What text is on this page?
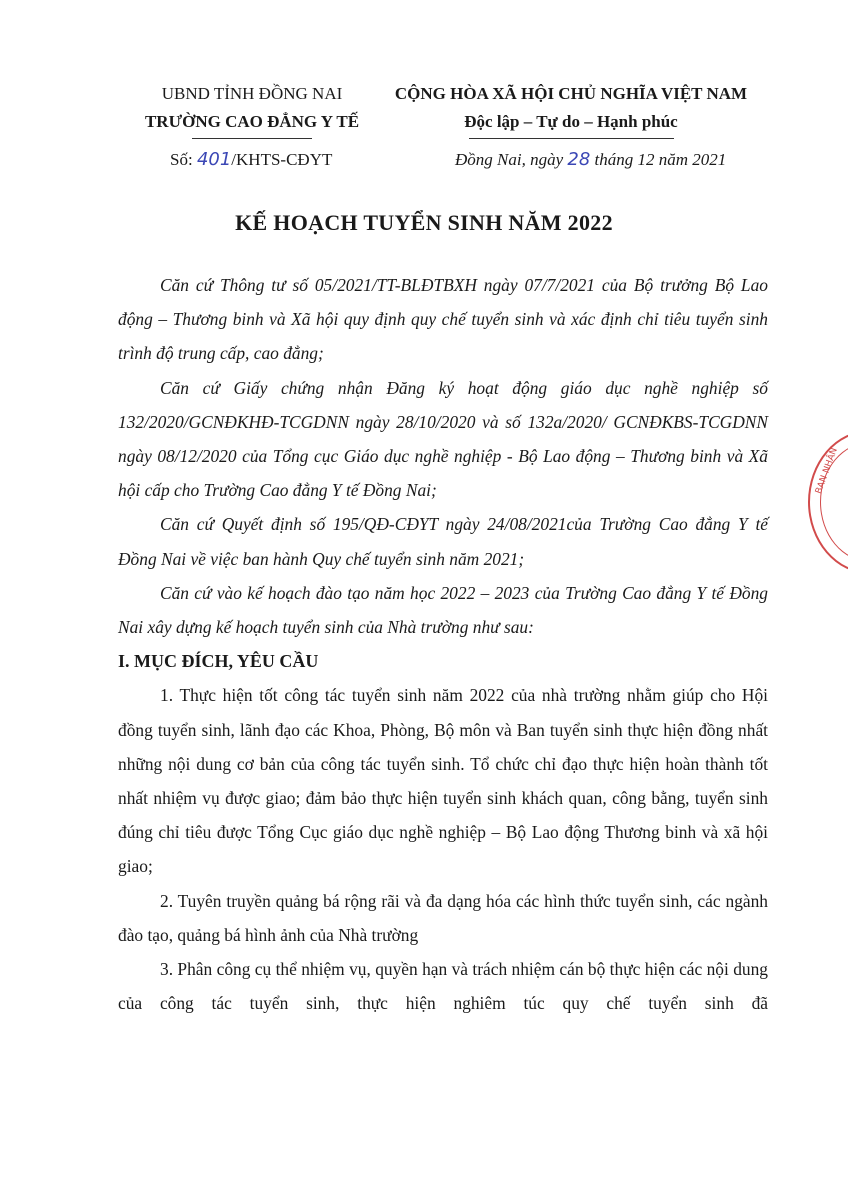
UBND TỈNH ĐỒNG NAI
TRƯỜNG CAO ĐẲNG Y TẾ
CỘNG HÒA XÃ HỘI CHỦ NGHĨA VIỆT NAM
Độc lập – Tự do – Hạnh phúc
Số: 401/KHTS-CĐYT	Đồng Nai, ngày 28 tháng 12 năm 2021
KẾ HOẠCH TUYỂN SINH NĂM 2022

Căn cứ Thông tư số 05/2021/TT-BLĐTBXH ngày 07/7/2021 của Bộ trưởng Bộ Lao động – Thương binh và Xã hội quy định quy chế tuyển sinh và xác định chỉ tiêu tuyển sinh trình độ trung cấp, cao đẳng;

Căn cứ Giấy chứng nhận Đăng ký hoạt động giáo dục nghề nghiệp số 132/2020/GCNĐKHĐ-TCGDNN ngày 28/10/2020 và số 132a/2020/ GCNĐKBS-TCGDNN ngày 08/12/2020 của Tổng cục Giáo dục nghề nghiệp - Bộ Lao động – Thương binh và Xã hội cấp cho Trường Cao đẳng Y tế Đồng Nai;

Căn cứ Quyết định số 195/QĐ-CĐYT ngày 24/08/2021của Trường Cao đẳng Y tế Đồng Nai về việc ban hành Quy chế tuyển sinh năm 2021;

Căn cứ vào kế hoạch đào tạo năm học 2022 – 2023 của Trường Cao đẳng Y tế Đồng Nai xây dựng kế hoạch tuyển sinh của Nhà trường như sau:

I. MỤC ĐÍCH, YÊU CẦU

1. Thực hiện tốt công tác tuyển sinh năm 2022 của nhà trường nhằm giúp cho Hội đồng tuyển sinh, lãnh đạo các Khoa, Phòng, Bộ môn và Ban tuyển sinh thực hiện đồng nhất những nội dung cơ bản của công tác tuyển sinh. Tổ chức chỉ đạo thực hiện hoàn thành tốt nhất nhiệm vụ được giao; đảm bảo thực hiện tuyển sinh khách quan, công bằng, tuyển sinh đúng chỉ tiêu được Tổng Cục giáo dục nghề nghiệp – Bộ Lao động Thương binh và xã hội giao;

2. Tuyên truyền quảng bá rộng rãi và đa dạng hóa các hình thức tuyển sinh, các ngành đào tạo, quảng bá hình ảnh của Nhà trường

3. Phân công cụ thể nhiệm vụ, quyền hạn và trách nhiệm cán bộ thực hiện các nội dung của công tác tuyển sinh, thực hiện nghiêm túc quy chế tuyển sinh đã

BAN NHÂN
